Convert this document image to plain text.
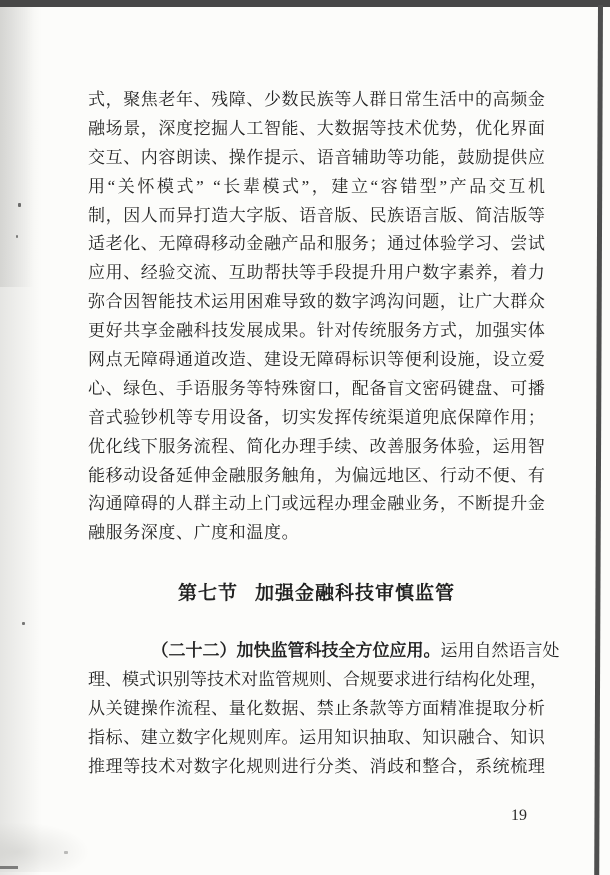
式 ， 聚 焦 老 年 、 残 障 、 少 数 民 族 等 人 群 日 常 生 活 中 的 高 频 金
融 场 景 ， 深 度 挖 掘 人 工 智 能 、 大 数 据 等 技 术 优 势 ， 优 化 界 面
交 互 、 内 容 朗 读 、 操 作 提 示 、 语 音 辅 助 等 功 能 ， 鼓 励 提 供 应
用 “ 关 怀 模 式 ”
“ 长 辈 模 式 ” ， 建 立 “ 容 错 型 ” 产 品 交 互 机
制 ， 因 人 而 异 打 造 大 字 版 、 语 音 版 、 民 族 语 言 版 、 简 洁 版 等
适 老 化 、 无 障 碍 移 动 金 融 产 品 和 服 务 ； 通 过 体 验 学 习 、 尝 试
应 用 、 经 验 交 流 、 互 助 帮 扶 等 手 段 提 升 用 户 数 字 素 养 ， 着 力
弥 合 因 智 能 技 术 运 用 困 难 导 致 的 数 字 鸿 沟 问 题 ， 让 广 大 群 众
更 好 共 享 金 融 科 技 发 展 成 果 。 针 对 传 统 服 务 方 式 ， 加 强 实 体
网 点 无 障 碍 通 道 改 造 、 建 设 无 障 碍 标 识 等 便 利 设 施 ， 设 立 爱
心 、 绿 色 、 手 语 服 务 等 特 殊 窗 口 ， 配 备 盲 文 密 码 键 盘 、 可 播
音 式 验 钞 机 等 专 用 设 备 ， 切 实 发 挥 传 统 渠 道 兜 底 保 障 作 用 ；
优 化 线 下 服 务 流 程 、 简 化 办 理 手 续 、 改 善 服 务 体 验 ， 运 用 智
能 移 动 设 备 延 伸 金 融 服 务 触 角 ， 为 偏 远 地 区 、 行 动 不 便 、 有
沟 通 障 碍 的 人 群 主 动 上 门 或 远 程 办 理 金 融 业 务 ， 不 断 提 升 金
融服务深度、广度和温度。
第七节 加强金融科技审慎监管

（ 二 十 二 ） 加 快 监 管 科 技 全 方 位 应 用 。 运 用 自 然 语 言 处

理 、 模 式 识 别 等 技 术 对 监 管 规 则 、 合 规 要 求 进 行 结 构 化 处 理 ，
从 关 键 操 作 流 程 、 量 化 数 据 、 禁 止 条 款 等 方 面 精 准 提 取 分 析
指 标 、 建 立 数 字 化 规 则 库 。 运 用 知 识 抽 取 、 知 识 融 合 、 知 识
推 理 等 技 术 对 数 字 化 规 则 进 行 分 类 、 消 歧 和 整 合 ， 系 统 梳 理
19
